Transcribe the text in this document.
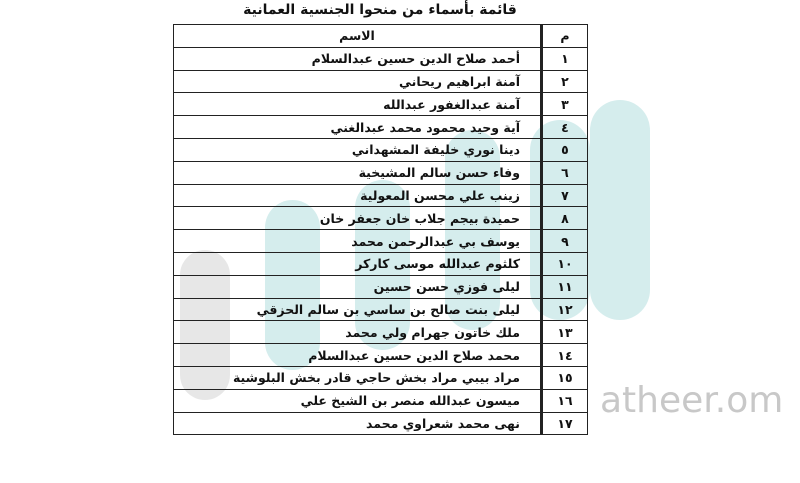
atheer.om
قائمة بأسماء من منحوا الجنسية العمانية
م	الاسم
١	أحمد صلاح الدين حسين عبدالسلام
٢	آمنة ابراهيم ريحاني
٣	آمنة عبدالغفور عبدالله
٤	آية وحيد محمود محمد عبدالغني
٥	دينا نوري خليفة المشهداني
٦	وفاء حسن سالم المشيخية
٧	زينب علي محسن المعولية
٨	حميدة بيجم جلاب خان جعفر خان
٩	يوسف بي عبدالرحمن محمد
١٠	كلثوم عبدالله موسى كاركر
١١	ليلى فوزي حسن حسين
١٢	ليلى بنت صالح بن ساسي بن سالم الحزقي
١٣	ملك خاتون جهرام ولي محمد
١٤	محمد صلاح الدين حسين عبدالسلام
١٥	مراد بيبي مراد بخش حاجي قادر بخش البلوشية
١٦	ميسون عبدالله منصر بن الشيخ علي
١٧	نهى محمد شعراوي محمد
